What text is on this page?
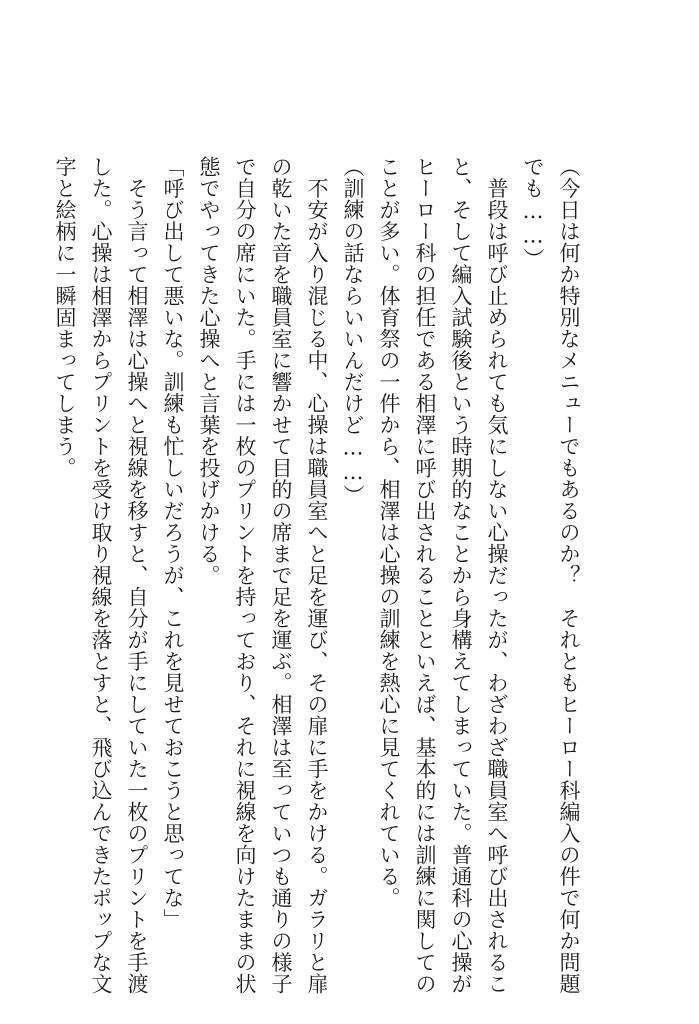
（今日は何か特別なメニューでもあるのか？　それともヒーロー科編入の件で何か問題

でも……）

　普段は呼び止められても気にしない心操だったが、わざわざ職員室へ呼び出されるこ

と、そして編入試験後という時期的なことから身構えてしまっていた。普通科の心操が

ヒーロー科の担任である相澤に呼び出されることといえば、基本的には訓練に関しての

ことが多い。体育祭の一件から、相澤は心操の訓練を熱心に見てくれている。

（訓練の話ならいいんだけど……）

　不安が入り混じる中、心操は職員室へと足を運び、その扉に手をかける。ガラリと扉

の乾いた音を職員室に響かせて目的の席まで足を運ぶ。相澤は至っていつも通りの様子

で自分の席にいた。手には一枚のプリントを持っており、それに視線を向けたままの状

態でやってきた心操へと言葉を投げかける。

「呼び出して悪いな。訓練も忙しいだろうが、これを見せておこうと思ってな」

　そう言って相澤は心操へと視線を移すと、自分が手にしていた一枚のプリントを手渡

した。心操は相澤からプリントを受け取り視線を落とすと、飛び込んできたポップな文

字と絵柄に一瞬固まってしまう。
